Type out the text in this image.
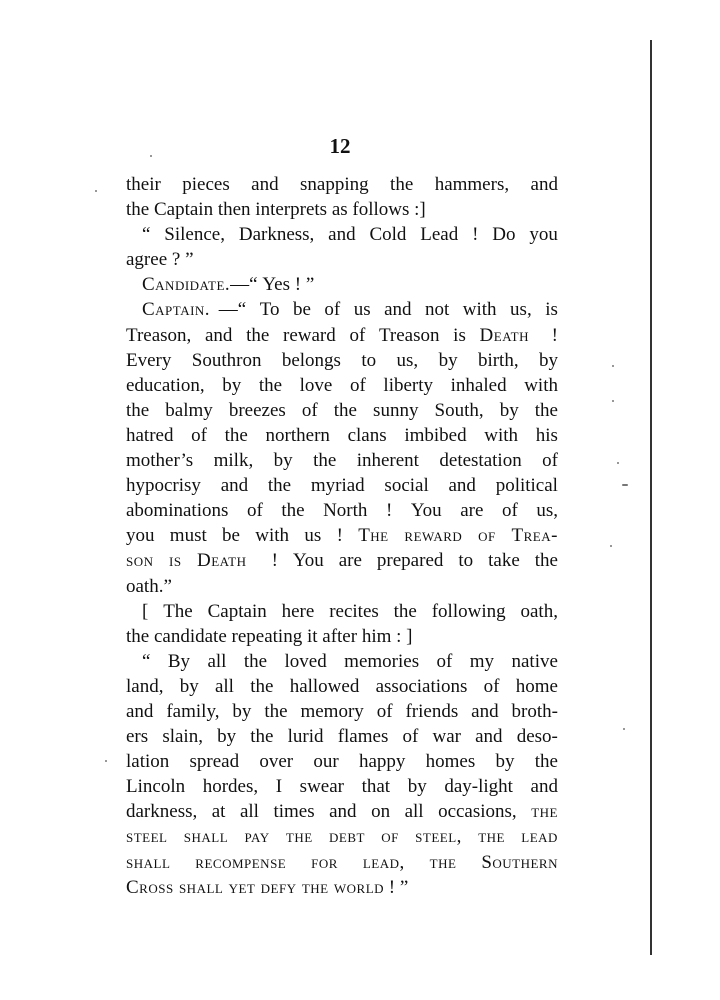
12
their pieces and snapping the hammers, and
the Captain then interprets as follows :]
“ Silence, Darkness, and Cold Lead ! Do you
agree ? ”
Candidate. —“ Yes ! ”
Captain. —“ To be of us and not with us, is
Treason, and the reward of Treason is Death
!
Every Southron belongs to us, by birth, by
education, by the love of liberty inhaled with
the balmy breezes of the sunny South, by the
hatred of the northern clans imbibed with his
mother’s milk, by the inherent detestation of
hypocrisy and the myriad social and political
abominations of the North ! You are of us,
you must be with us ! The reward of Trea-
son is Death
! You are prepared to take the
oath.”
[ The Captain here recites the following oath,
the candidate repeating it after him : ]
“ By all the loved memories of my native
land, by all the hallowed associations of home
and family, by the memory of friends and broth-
ers slain, by the lurid flames of war and deso-
lation spread over our happy homes by the
Lincoln hordes, I swear that by day-light and
darkness, at all times and on all occasions, the
steel shall pay the debt of steel, the lead
shall recompense for lead, the Southern
Cross shall yet defy the world
! ”
